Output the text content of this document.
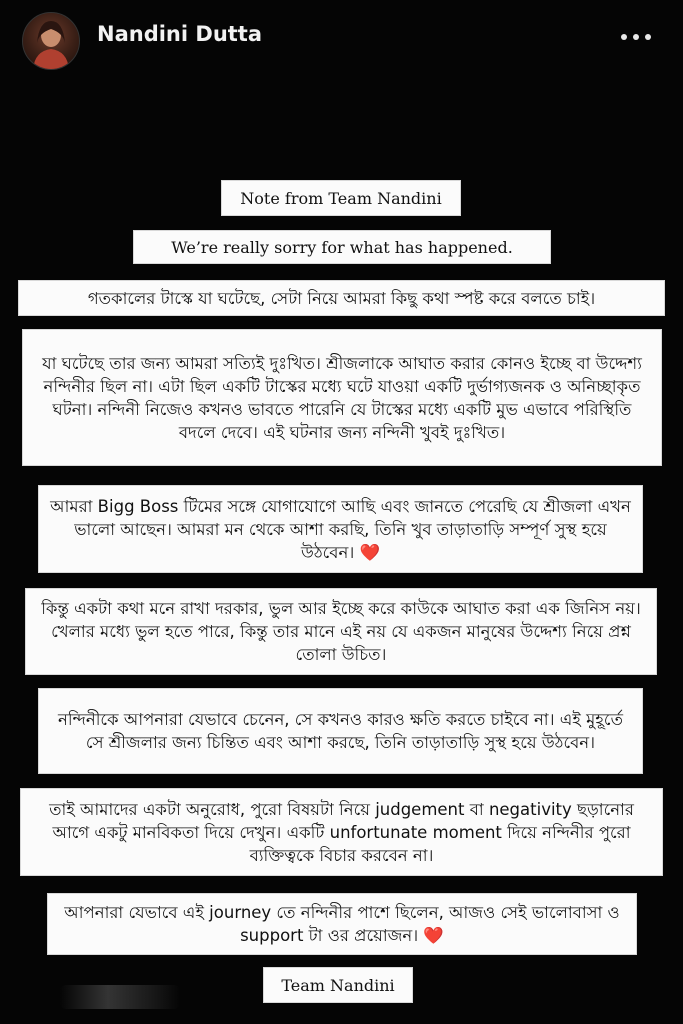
Nandini Dutta
Note from Team Nandini
We’re really sorry for what has happened.
গতকালের টাস্কে যা ঘটেছে, সেটা নিয়ে আমরা কিছু কথা স্পষ্ট করে বলতে চাই।
যা ঘটেছে তার জন্য আমরা সত্যিই দুঃখিত। শ্রীজলাকে আঘাত করার কোনও ইচ্ছে বা উদ্দেশ্য নন্দিনীর ছিল না। এটা ছিল একটি টাস্কের মধ্যে ঘটে যাওয়া একটি দুর্ভাগ্যজনক ও অনিচ্ছাকৃত ঘটনা। নন্দিনী নিজেও কখনও ভাবতে পারেনি যে টাস্কের মধ্যে একটি মুভ এভাবে পরিস্থিতি বদলে দেবে। এই ঘটনার জন্য নন্দিনী খুবই দুঃখিত।
আমরা Bigg Boss টিমের সঙ্গে যোগাযোগে আছি এবং জানতে পেরেছি যে শ্রীজলা এখন ভালো আছেন। আমরা মন থেকে আশা করছি, তিনি খুব তাড়াতাড়ি সম্পূর্ণ সুস্থ হয়ে উঠবেন। ❤️
কিন্তু একটা কথা মনে রাখা দরকার, ভুল আর ইচ্ছে করে কাউকে আঘাত করা এক জিনিস নয়। খেলার মধ্যে ভুল হতে পারে, কিন্তু তার মানে এই নয় যে একজন মানুষের উদ্দেশ্য নিয়ে প্রশ্ন তোলা উচিত।
নন্দিনীকে আপনারা যেভাবে চেনেন, সে কখনও কারও ক্ষতি করতে চাইবে না। এই মুহূর্তে সে শ্রীজলার জন্য চিন্তিত এবং আশা করছে, তিনি তাড়াতাড়ি সুস্থ হয়ে উঠবেন।
তাই আমাদের একটা অনুরোধ, পুরো বিষয়টা নিয়ে judgement বা negativity ছড়ানোর আগে একটু মানবিকতা দিয়ে দেখুন। একটি unfortunate moment দিয়ে নন্দিনীর পুরো ব্যক্তিত্বকে বিচার করবেন না।
আপনারা যেভাবে এই journey তে নন্দিনীর পাশে ছিলেন, আজও সেই ভালোবাসা ও support টা ওর প্রয়োজন। ❤️
Team Nandini
